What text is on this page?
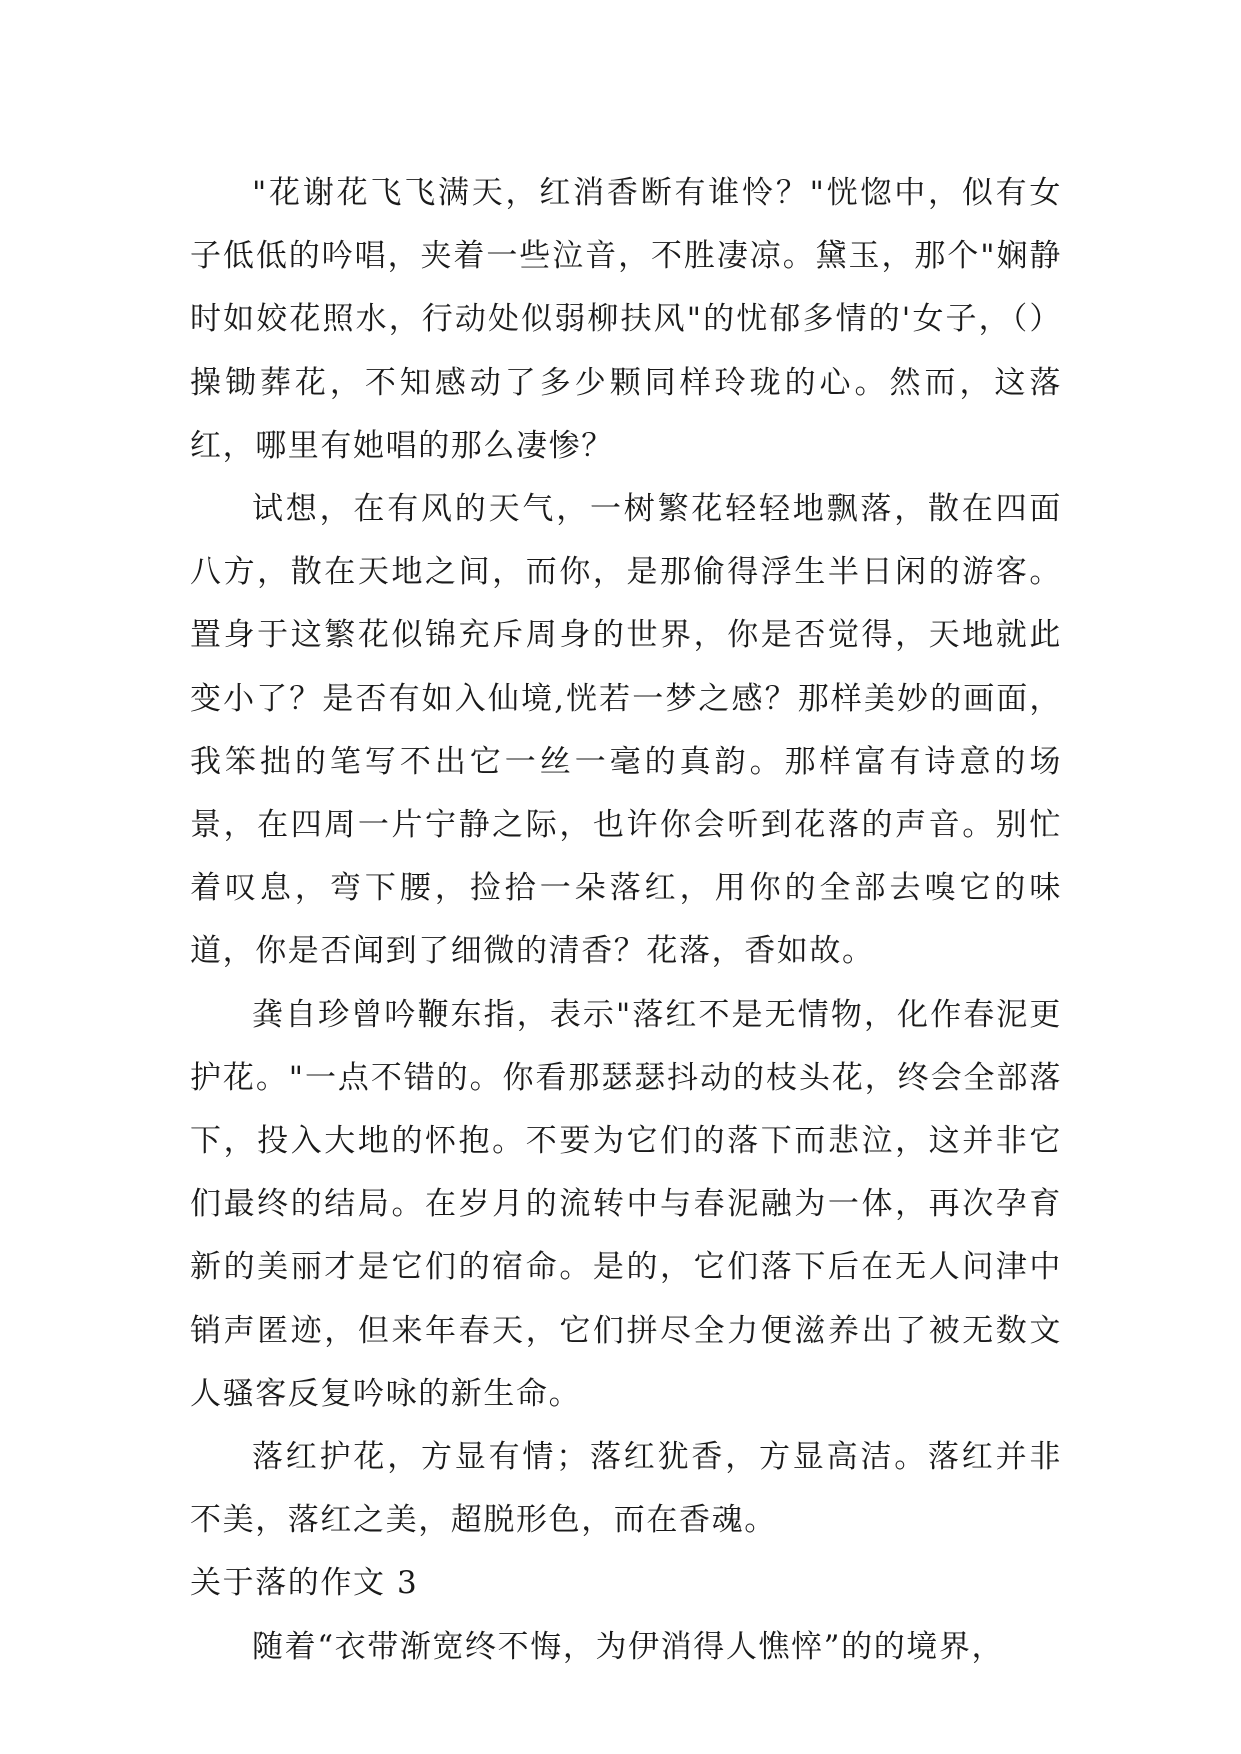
"花谢花飞飞满天，红消香断有谁怜？"恍惚中，似有女子低低的吟唱，夹着一些泣音，不胜凄凉。黛玉，那个"娴静时如姣花照水，行动处似弱柳扶风"的忧郁多情的'女子，（）操锄葬花，不知感动了多少颗同样玲珑的心。然而，这落红，哪里有她唱的那么凄惨？

试想，在有风的天气，一树繁花轻轻地飘落，散在四面八方，散在天地之间，而你，是那偷得浮生半日闲的游客。置身于这繁花似锦充斥周身的世界，你是否觉得，天地就此变小了？是否有如入仙境,恍若一梦之感？那样美妙的画面，我笨拙的笔写不出它一丝一毫的真韵。那样富有诗意的场景，在四周一片宁静之际，也许你会听到花落的声音。别忙着叹息，弯下腰，捡拾一朵落红，用你的全部去嗅它的味道，你是否闻到了细微的清香？花落，香如故。

龚自珍曾吟鞭东指，表示"落红不是无情物，化作春泥更护花。"一点不错的。你看那瑟瑟抖动的枝头花，终会全部落下，投入大地的怀抱。不要为它们的落下而悲泣，这并非它们最终的结局。在岁月的流转中与春泥融为一体，再次孕育新的美丽才是它们的宿命。是的，它们落下后在无人问津中销声匿迹，但来年春天，它们拼尽全力便滋养出了被无数文人骚客反复吟咏的新生命。

落红护花，方显有情；落红犹香，方显高洁。落红并非不美，落红之美，超脱形色，而在香魂。

关于落的作文 3

随着“衣带渐宽终不悔，为伊消得人憔悴”的的境界，
